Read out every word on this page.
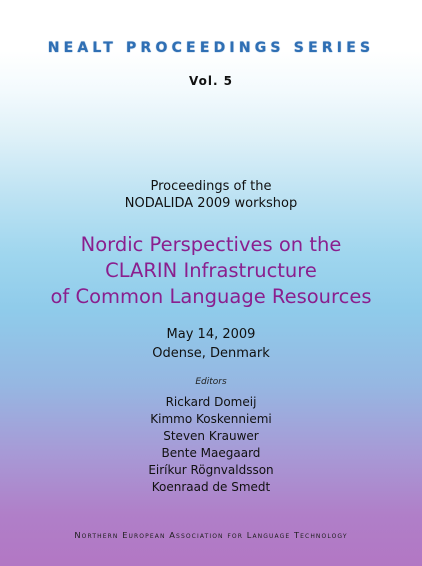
NEALT PROCEEDINGS SERIES
Vol. 5
Proceedings of the
NODALIDA 2009 workshop
Nordic Perspectives on the
CLARIN Infrastructure
of Common Language Resources
May 14, 2009
Odense, Denmark
Editors
Rickard Domeij
Kimmo Koskenniemi
Steven Krauwer
Bente Maegaard
Eiríkur Rögnvaldsson
Koenraad de Smedt
Northern European Association for Language Technology
